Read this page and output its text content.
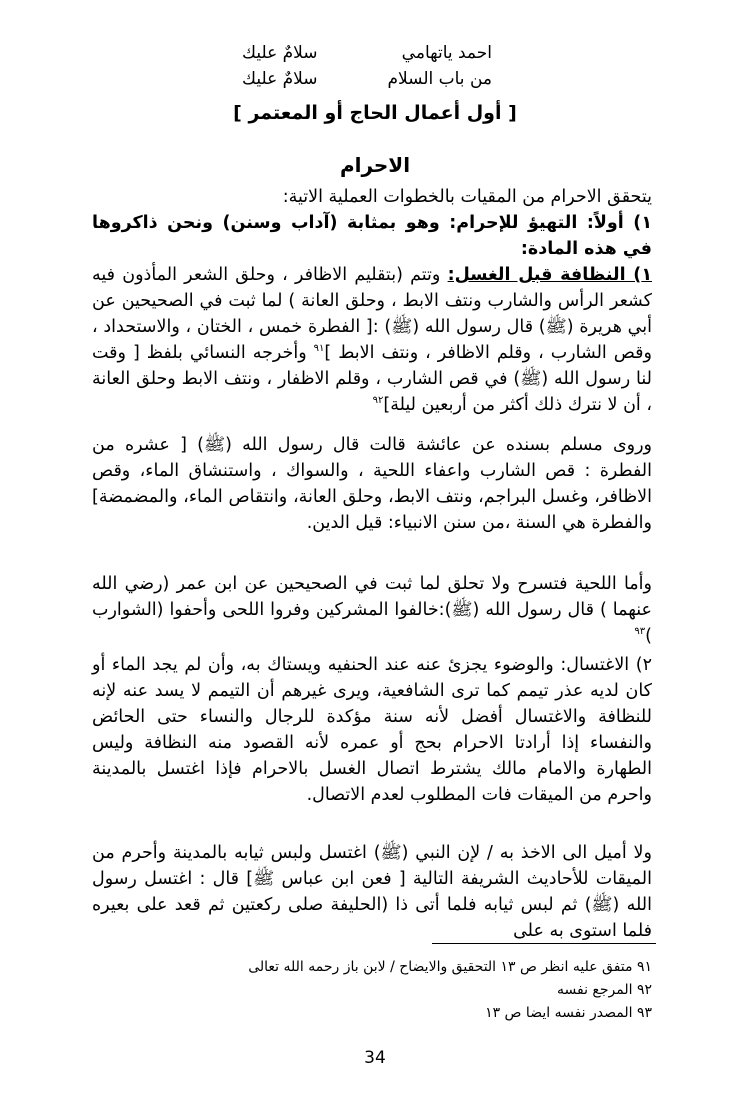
احمد ياتهامي
سلامٌ عليك
من باب السلام
سلامٌ عليك
[ أول أعمال الحاج أو المعتمر ]
الاحرام
يتحقق الاحرام من المقيات بالخطوات العملية الاتية:
١) أولاً: التهيؤ للإحرام: وهو بمثابة (آداب وسنن) ونحن ذاكروها في هذه المادة:
١) النظافة قبل الغسل: وتتم (بتقليم الاظافر ، وحلق الشعر المأذون فيه كشعر الرأس والشارب ونتف الابط ، وحلق العانة ) لما ثبت في الصحيحين عن أبي هريرة (ﷺ) قال رسول الله (ﷺ) :[ الفطرة خمس ، الختان ، والاستحداد ، وقص الشارب ، وقلم الاظافر ، ونتف الابط ]$^{٩١}$ وأخرجه النسائي بلفظ [ وقت لنا رسول الله (ﷺ) في قص الشارب ، وقلم الاظفار ، ونتف الابط وحلق العانة ، أن لا نترك ذلك أكثر من أربعين ليلة]$^{٩٢}$
وروى مسلم بسنده عن عائشة قالت قال رسول الله (ﷺ) [ عشره من الفطرة : قص الشارب واعفاء اللحية ، والسواك ، واستنشاق الماء، وقص الاظافر، وغسل البراجم، ونتف الابط، وحلق العانة، وانتقاص الماء، والمضمضة] والفطرة هي السنة ،من سنن الانبياء: قيل الدين.
وأما اللحية فتسرح ولا تحلق لما ثبت في الصحيحين عن ابن عمر (رضي الله عنهما ) قال رسول الله (ﷺ):خالفوا المشركين وفروا اللحى وأحفوا (الشوارب )$^{٩٣}$
٢) الاغتسال: والوضوء يجزئ عنه عند الحنفيه ويستاك به، وأن لم يجد الماء أو كان لديه عذر تيمم كما ترى الشافعية، ويرى غيرهم أن التيمم لا يسد عنه لإنه للنظافة والاغتسال أفضل لأنه سنة مؤكدة للرجال والنساء حتى الحائض والنفساء إذا أرادتا الاحرام بحج أو عمره لأنه القصود منه النظافة وليس الطهارة والامام مالك يشترط اتصال الغسل بالاحرام فإذا اغتسل بالمدينة واحرم من الميقات فات المطلوب لعدم الاتصال.
ولا أميل الى الاخذ به / لإن النبي (ﷺ) اغتسل ولبس ثيابه بالمدينة وأحرم من الميقات للأحاديث الشريفة التالية [ فعن ابن عباس ﷺ] قال : اغتسل رسول الله (ﷺ) ثم لبس ثيابه فلما أتى ذا (الحليفة صلى ركعتين ثم قعد على بعيره فلما استوى به على
٩١ متفق عليه انظر ص ١٣ التحقيق والايضاح / لابن باز رحمه الله تعالى
٩٢ المرجع نفسه
٩٣ المصدر نفسه ايضا ص ١٣
34
